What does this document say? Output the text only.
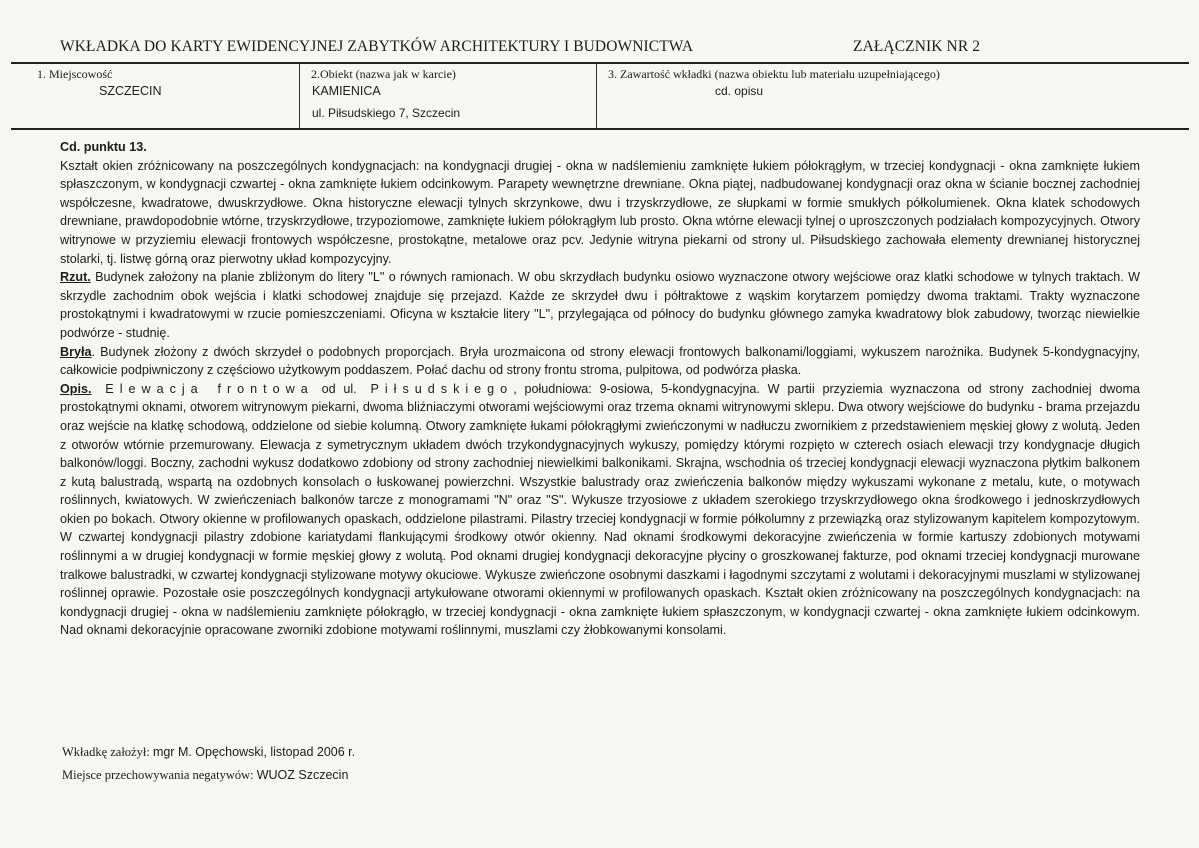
WKŁADKA DO KARTY EWIDENCYJNEJ ZABYTKÓW ARCHITEKTURY I BUDOWNICTWA	ZAŁĄCZNIK NR 2
1. Miejscowość
SZCZECIN
2.Obiekt (nazwa jak w karcie)
KAMIENICA
ul. Piłsudskiego 7, Szczecin
3. Zawartość wkładki (nazwa obiektu lub materiału uzupełniającego)
cd. opisu

Cd. punktu 13.

Kształt okien zróżnicowany na poszczególnych kondygnacjach: na kondygnacji drugiej - okna w nadślemieniu zamknięte łukiem półokrągłym, w trzeciej kondygnacji - okna zamknięte łukiem spłaszczonym, w kondygnacji czwartej - okna zamknięte łukiem odcinkowym. Parapety wewnętrzne drewniane. Okna piątej, nadbudowanej kondygnacji oraz okna w ścianie bocznej zachodniej współczesne, kwadratowe, dwuskrzydłowe. Okna historyczne elewacji tylnych skrzynkowe, dwu i trzyskrzydłowe, ze słupkami w formie smukłych półkolumienek. Okna klatek schodowych drewniane, prawdopodobnie wtórne, trzyskrzydłowe, trzypoziomowe, zamknięte łukiem półokrągłym lub prosto. Okna wtórne elewacji tylnej o uproszczonych podziałach kompozycyjnych. Otwory witrynowe w przyziemiu elewacji frontowych współczesne, prostokątne, metalowe oraz pcv. Jedynie witryna piekarni od strony ul. Piłsudskiego zachowała elementy drewnianej historycznej stolarki, tj. listwę górną oraz pierwotny układ kompozycyjny.

Rzut. Budynek założony na planie zbliżonym do litery "L" o równych ramionach. W obu skrzydłach budynku osiowo wyznaczone otwory wejściowe oraz klatki schodowe w tylnych traktach. W skrzydle zachodnim obok wejścia i klatki schodowej znajduje się przejazd. Każde ze skrzydeł dwu i półtraktowe z wąskim korytarzem pomiędzy dwoma traktami. Trakty wyznaczone prostokątnymi i kwadratowymi w rzucie pomieszczeniami. Oficyna w kształcie litery "L", przylegająca od północy do budynku głównego zamyka kwadratowy blok zabudowy, tworząc niewielkie podwórze - studnię.

Bryła. Budynek złożony z dwóch skrzydeł o podobnych proporcjach. Bryła urozmaicona od strony elewacji frontowych balkonami/loggiami, wykuszem narożnika. Budynek 5-kondygnacyjny, całkowicie podpiwniczony z częściowo użytkowym poddaszem. Połać dachu od strony frontu stroma, pulpitowa, od podwórza płaska.

Opis. Elewacja frontowa od ul. Piłsudskiego, południowa: 9-osiowa, 5-kondygnacyjna. W partii przyziemia wyznaczona od strony zachodniej dwoma prostokątnymi oknami, otworem witrynowym piekarni, dwoma bliźniaczymi otworami wejściowymi oraz trzema oknami witrynowymi sklepu. Dwa otwory wejściowe do budynku - brama przejazdu oraz wejście na klatkę schodową, oddzielone od siebie kolumną. Otwory zamknięte łukami półokrągłymi zwieńczonymi w nadłuczu zwornikiem z przedstawieniem męskiej głowy z wolutą. Jeden z otworów wtórnie przemurowany. Elewacja z symetrycznym układem dwóch trzykondygnacyjnych wykuszy, pomiędzy którymi rozpięto w czterech osiach elewacji trzy kondygnacje długich balkonów/loggi. Boczny, zachodni wykusz dodatkowo zdobiony od strony zachodniej niewielkimi balkonikami. Skrajna, wschodnia oś trzeciej kondygnacji elewacji wyznaczona płytkim balkonem z kutą balustradą, wspartą na ozdobnych konsolach o łuskowanej powierzchni. Wszystkie balustrady oraz zwieńczenia balkonów między wykuszami wykonane z metalu, kute, o motywach roślinnych, kwiatowych. W zwieńczeniach balkonów tarcze z monogramami "N" oraz "S". Wykusze trzyosiowe z układem szerokiego trzyskrzydłowego okna środkowego i jednoskrzydłowych okien po bokach. Otwory okienne w profilowanych opaskach, oddzielone pilastrami. Pilastry trzeciej kondygnacji w formie półkolumny z przewiązką oraz stylizowanym kapitelem kompozytowym. W czwartej kondygnacji pilastry zdobione kariatydami flankującymi środkowy otwór okienny. Nad oknami środkowymi dekoracyjne zwieńczenia w formie kartuszy zdobionych motywami roślinnymi a w drugiej kondygnacji w formie męskiej głowy z wolutą. Pod oknami drugiej kondygnacji dekoracyjne płyciny o groszkowanej fakturze, pod oknami trzeciej kondygnacji murowane tralkowe balustradki, w czwartej kondygnacji stylizowane motywy okuciowe. Wykusze zwieńczone osobnymi daszkami i łagodnymi szczytami z wolutami i dekoracyjnymi muszlami w stylizowanej roślinnej oprawie. Pozostałe osie poszczególnych kondygnacji artykułowane otworami okiennymi w profilowanych opaskach. Kształt okien zróżnicowany na poszczególnych kondygnacjach: na kondygnacji drugiej - okna w nadślemieniu zamknięte półokrągło, w trzeciej kondygnacji - okna zamknięte łukiem spłaszczonym, w kondygnacji czwartej - okna zamknięte łukiem odcinkowym. Nad oknami dekoracyjnie opracowane zworniki zdobione motywami roślinnymi, muszlami czy żłobkowanymi konsolami.

Wkładkę założył: mgr M. Opęchowski, listopad 2006 r.
Miejsce przechowywania negatywów: WUOZ Szczecin
